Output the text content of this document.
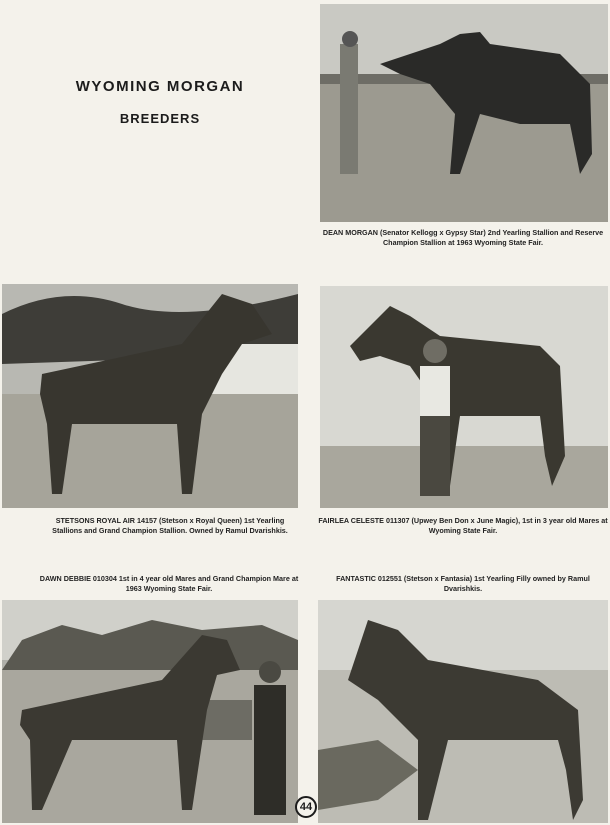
WYOMING MORGAN

BREEDERS

DEAN MORGAN (Senator Kellogg x Gypsy Star) 2nd Yearling Stallion and Reserve Champion Stallion at 1963 Wyoming State Fair.
STETSONS ROYAL AIR 14157 (Stetson x Royal Queen) 1st Yearling Stallions and Grand Champion Stallion. Owned by Ramul Dvarishkis.
FAIRLEA CELESTE 011307 (Upwey Ben Don x June Magic), 1st in 3 year old Mares at Wyoming State Fair.
DAWN DEBBIE 010304 1st in 4 year old Mares and Grand Champion Mare at 1963 Wyoming State Fair.
FANTASTIC 012551 (Stetson x Fantasia) 1st Yearling Filly owned by Ramul Dvarishkis.
44
